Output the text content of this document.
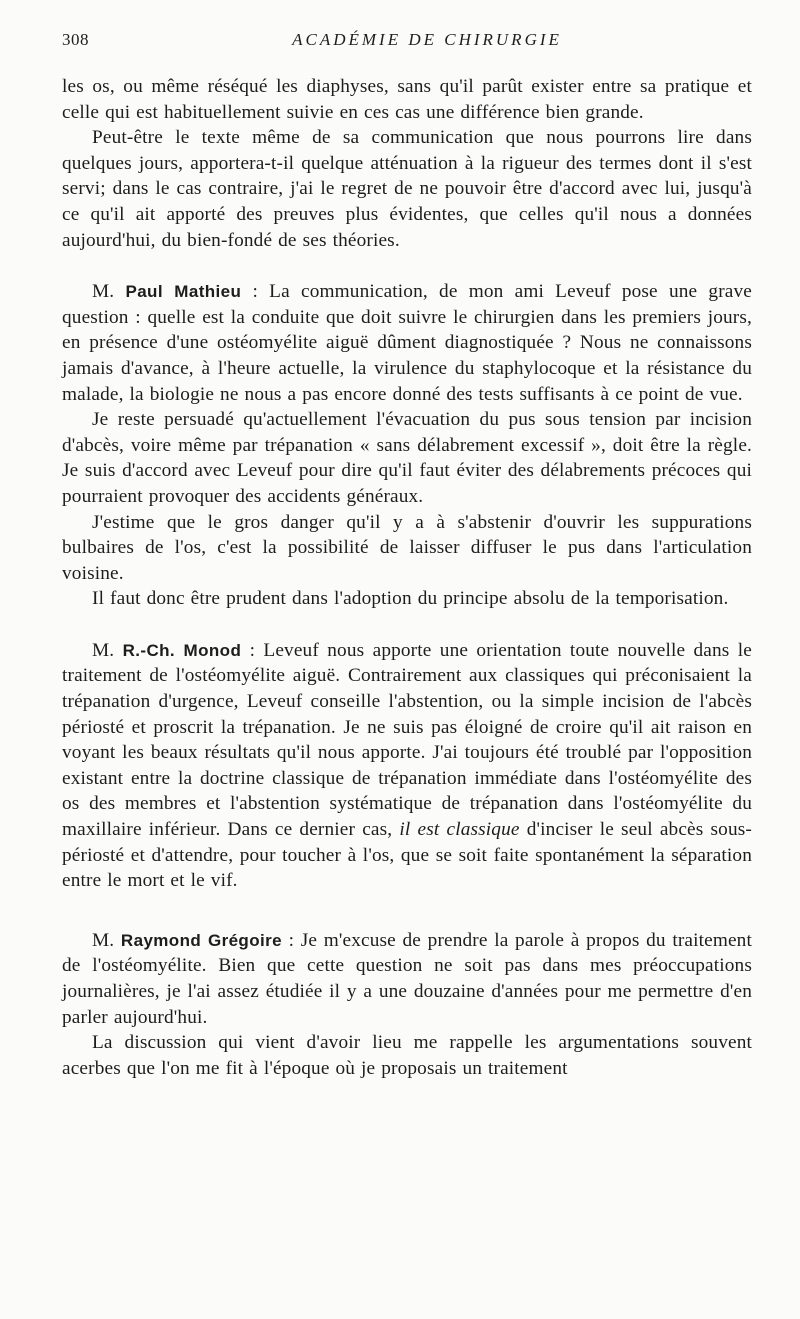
308	ACADÉMIE DE CHIRURGIE

les os, ou même réséqué les diaphyses, sans qu'il parût exister entre sa pratique et celle qui est habituellement suivie en ces cas une différence bien grande.

Peut-être le texte même de sa communication que nous pourrons lire dans quelques jours, apportera-t-il quelque atténuation à la rigueur des termes dont il s'est servi; dans le cas contraire, j'ai le regret de ne pouvoir être d'accord avec lui, jusqu'à ce qu'il ait apporté des preuves plus évidentes, que celles qu'il nous a données aujourd'hui, du bien-fondé de ses théories.

M. Paul Mathieu : La communication, de mon ami Leveuf pose une grave question : quelle est la conduite que doit suivre le chirurgien dans les premiers jours, en présence d'une ostéomyélite aiguë dûment diagnostiquée ? Nous ne connaissons jamais d'avance, à l'heure actuelle, la virulence du staphylocoque et la résistance du malade, la biologie ne nous a pas encore donné des tests suffisants à ce point de vue.

Je reste persuadé qu'actuellement l'évacuation du pus sous tension par incision d'abcès, voire même par trépanation « sans délabrement excessif », doit être la règle. Je suis d'accord avec Leveuf pour dire qu'il faut éviter des délabrements précoces qui pourraient provoquer des accidents généraux.

J'estime que le gros danger qu'il y a à s'abstenir d'ouvrir les suppurations bulbaires de l'os, c'est la possibilité de laisser diffuser le pus dans l'articulation voisine.

Il faut donc être prudent dans l'adoption du principe absolu de la temporisation.

M. R.-Ch. Monod : Leveuf nous apporte une orientation toute nouvelle dans le traitement de l'ostéomyélite aiguë. Contrairement aux classiques qui préconisaient la trépanation d'urgence, Leveuf conseille l'abstention, ou la simple incision de l'abcès périosté et proscrit la trépanation. Je ne suis pas éloigné de croire qu'il ait raison en voyant les beaux résultats qu'il nous apporte. J'ai toujours été troublé par l'opposition existant entre la doctrine classique de trépanation immédiate dans l'ostéomyélite des os des membres et l'abstention systématique de trépanation dans l'ostéomyélite du maxillaire inférieur. Dans ce dernier cas, il est classique d'inciser le seul abcès sous-périosté et d'attendre, pour toucher à l'os, que se soit faite spontanément la séparation entre le mort et le vif.

M. Raymond Grégoire : Je m'excuse de prendre la parole à propos du traitement de l'ostéomyélite. Bien que cette question ne soit pas dans mes préoccupations journalières, je l'ai assez étudiée il y a une douzaine d'années pour me permettre d'en parler aujourd'hui.

La discussion qui vient d'avoir lieu me rappelle les argumentations souvent acerbes que l'on me fit à l'époque où je proposais un traitement
